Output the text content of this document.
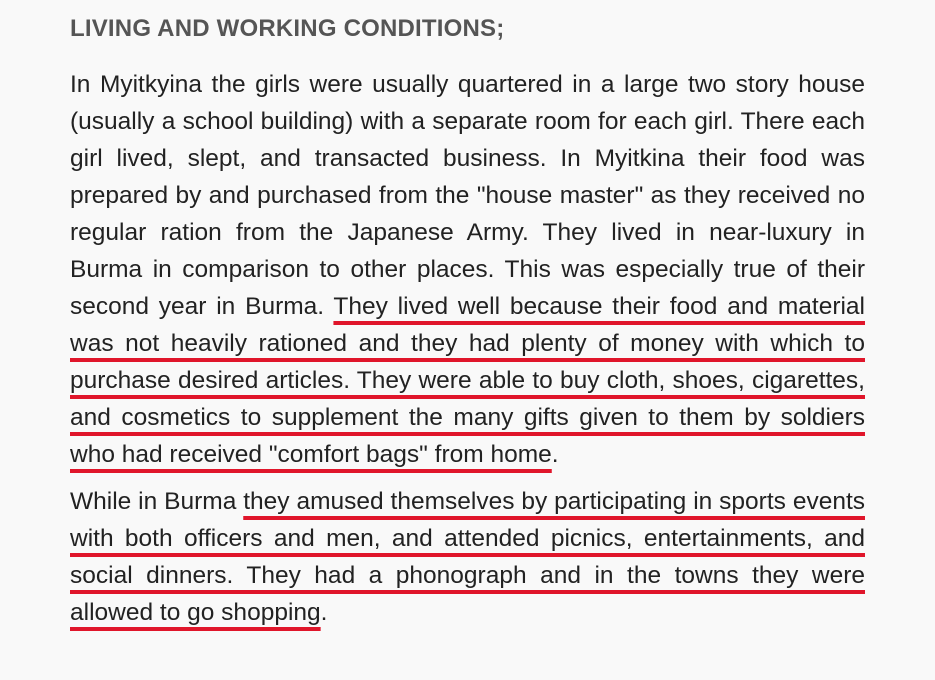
LIVING AND WORKING CONDITIONS;

In Myitkyina the girls were usually quartered in a large two story house (usually a school building) with a separate room for each girl. There each girl lived, slept, and transacted business. In Myitkina their food was prepared by and purchased from the "house master" as they received no regular ration from the Japanese Army. They lived in near-luxury in Burma in comparison to other places. This was especially true of their second year in Burma. They lived well because their food and material was not heavily rationed and they had plenty of money with which to purchase desired articles. They were able to buy cloth, shoes, cigarettes, and cosmetics to supplement the many gifts given to them by soldiers who had received "comfort bags" from home.

While in Burma they amused themselves by participating in sports events with both officers and men, and attended picnics, entertainments, and social dinners. They had a phonograph and in the towns they were allowed to go shopping.
